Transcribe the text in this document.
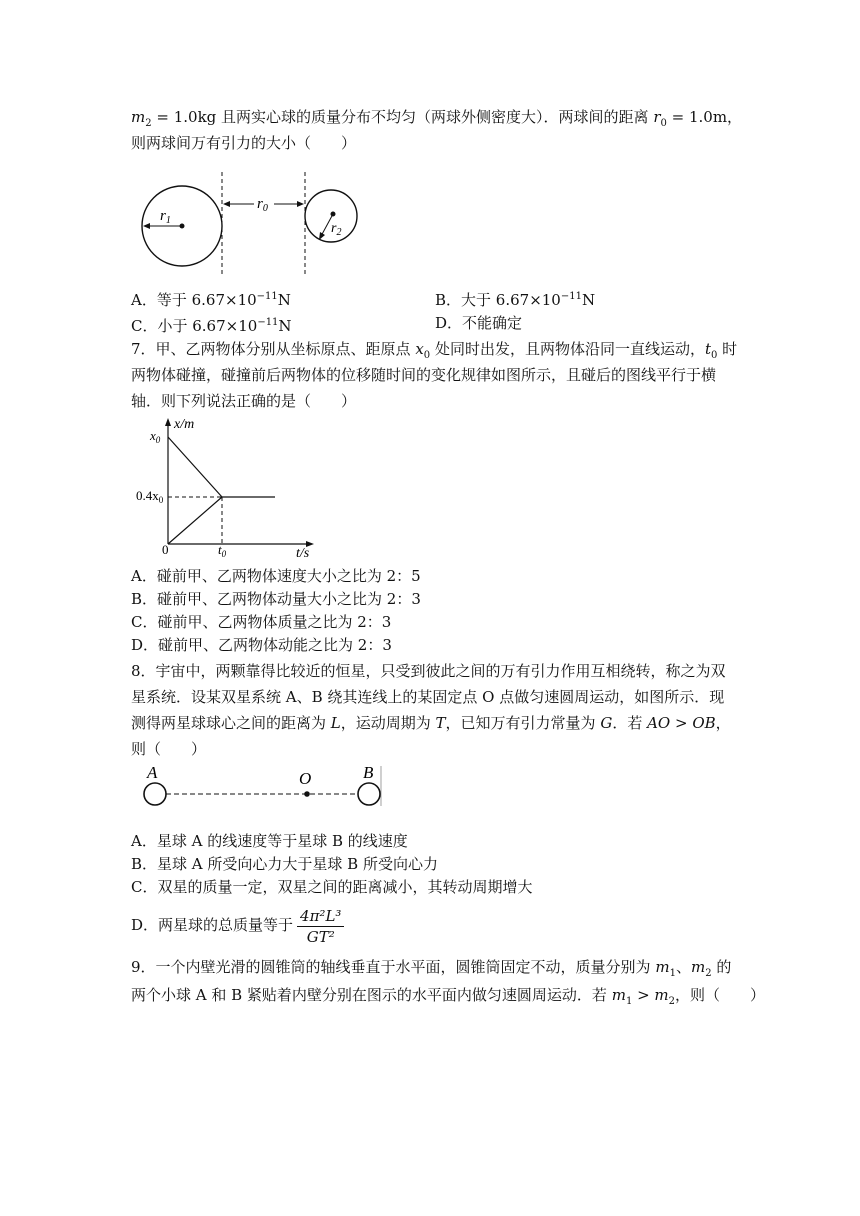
$m_2 = 1.0kg$ 且两实心球的质量分布不均匀（两球外侧密度大）．两球间的距离 $r_0 = 1.0m$，
则两球间万有引力的大小（　　）
$r_1$
$r_0$
$r_2$
A．等于 $6.67\times 10^{-11}N$	B．大于 $6.67\times 10^{-11}N$
C．小于 $6.67\times 10^{-11}N$	D．不能确定
7．甲、乙两物体分别从坐标原点、距原点 $x_0$ 处同时出发，且两物体沿同一直线运动，$t_0$ 时
两物体碰撞，碰撞前后两物体的位移随时间的变化规律如图所示，且碰后的图线平行于横
轴．则下列说法正确的是（　　）
x/m
t/s
$x_0$
$0.4x_0$
0	$t_0$
A．碰前甲、乙两物体速度大小之比为 2：5
B．碰前甲、乙两物体动量大小之比为 2：3
C．碰前甲、乙两物体质量之比为 2：3
D．碰前甲、乙两物体动能之比为 2：3
8．宇宙中，两颗靠得比较近的恒星，只受到彼此之间的万有引力作用互相绕转，称之为双
星系统．设某双星系统 A、B 绕其连线上的某固定点 O 点做匀速圆周运动，如图所示．现
测得两星球球心之间的距离为 L，运动周期为 T，已知万有引力常量为 G．若 AO > OB，
则（　　）
A	O	B
A．星球 A 的线速度等于星球 B 的线速度
B．星球 A 所受向心力大于星球 B 所受向心力
C．双星的质量一定，双星之间的距离减小，其转动周期增大
D．两星球的总质量等于 $\frac{\text{4π²L³}}{\text{GT²}}$
9．一个内壁光滑的圆锥筒的轴线垂直于水平面，圆锥筒固定不动，质量分别为 $m_1$、$m_2$ 的
两个小球 A 和 B 紧贴着内壁分别在图示的水平面内做匀速圆周运动．若 $m_1 > m_2$，则（　　）
